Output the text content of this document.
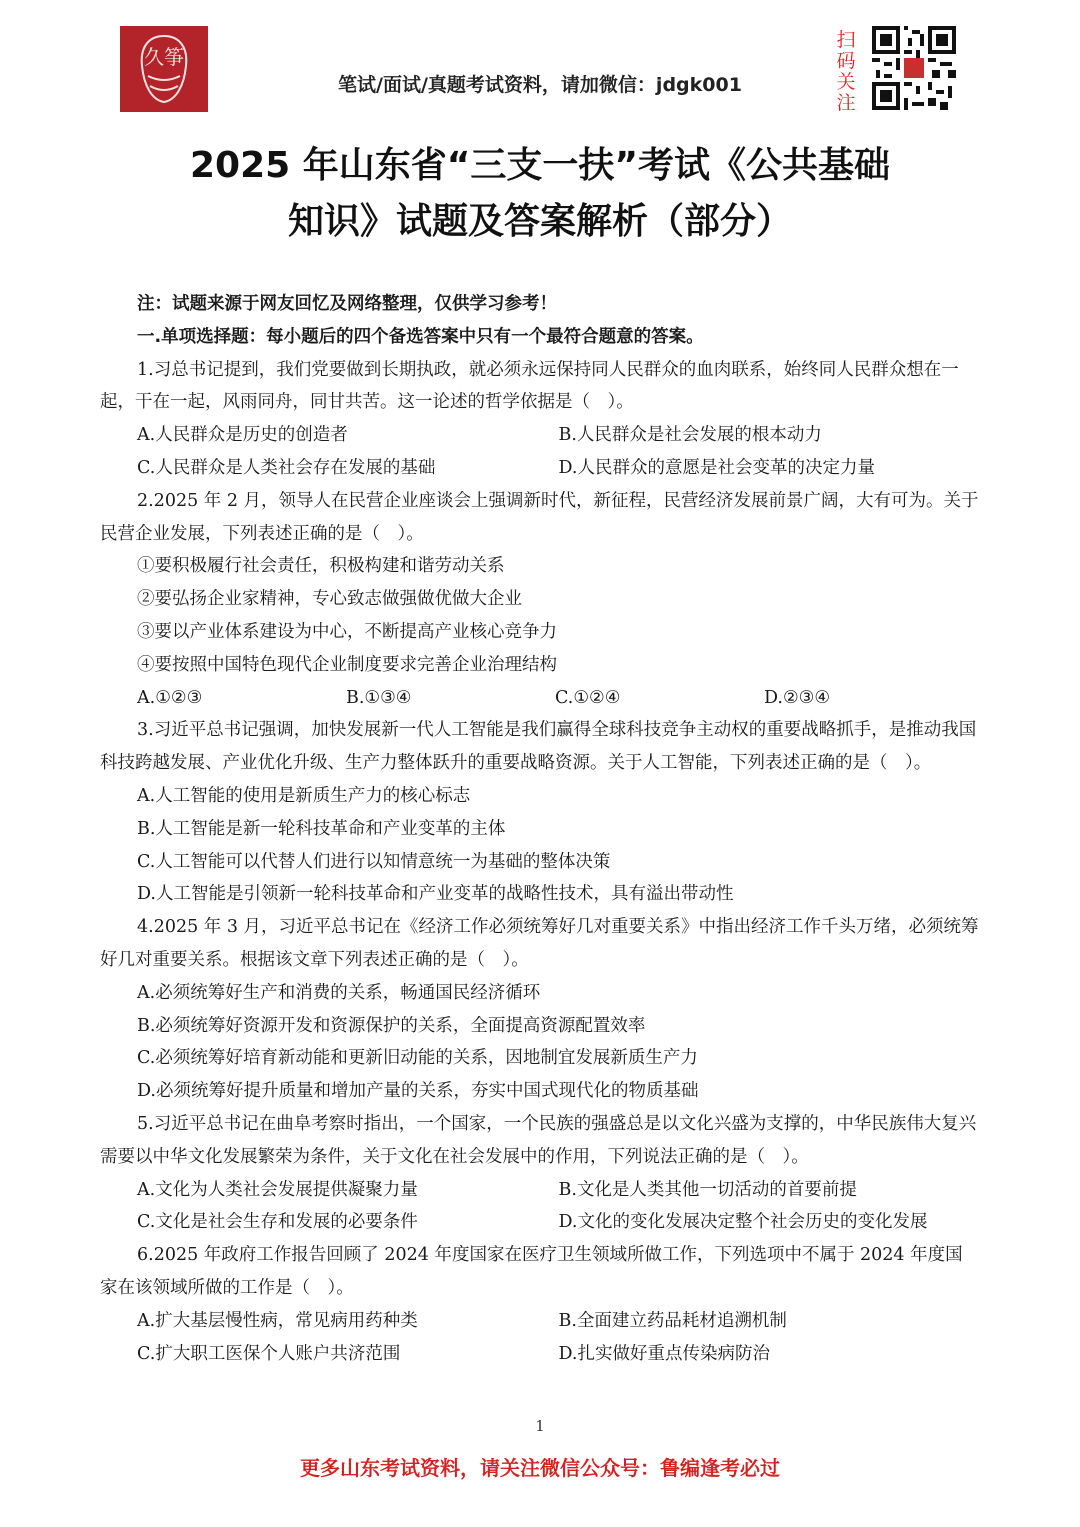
久筝
笔试/面试/真题考试资料，请加微信：jdgk001
扫码关注
2025 年山东省“三支一扶”考试《公共基础
知识》试题及答案解析（部分）
注：试题来源于网友回忆及网络整理，仅供学习参考！
一.单项选择题：每小题后的四个备选答案中只有一个最符合题意的答案。
1.习总书记提到，我们党要做到长期执政，就必须永远保持同人民群众的血肉联系，始终同人民群众想在一起，干在一起，风雨同舟，同甘共苦。这一论述的哲学依据是（　）。
A.人民群众是历史的创造者	B.人民群众是社会发展的根本动力
C.人民群众是人类社会存在发展的基础	D.人民群众的意愿是社会变革的决定力量
2.2025 年 2 月，领导人在民营企业座谈会上强调新时代，新征程，民营经济发展前景广阔，大有可为。关于民营企业发展，下列表述正确的是（　）。
①要积极履行社会责任，积极构建和谐劳动关系
②要弘扬企业家精神，专心致志做强做优做大企业
③要以产业体系建设为中心，不断提高产业核心竞争力
④要按照中国特色现代企业制度要求完善企业治理结构
A.①②③	B.①③④	C.①②④	D.②③④
3.习近平总书记强调，加快发展新一代人工智能是我们赢得全球科技竞争主动权的重要战略抓手，是推动我国科技跨越发展、产业优化升级、生产力整体跃升的重要战略资源。关于人工智能，下列表述正确的是（　）。
A.人工智能的使用是新质生产力的核心标志
B.人工智能是新一轮科技革命和产业变革的主体
C.人工智能可以代替人们进行以知情意统一为基础的整体决策
D.人工智能是引领新一轮科技革命和产业变革的战略性技术，具有溢出带动性
4.2025 年 3 月，习近平总书记在《经济工作必须统筹好几对重要关系》中指出经济工作千头万绪，必须统筹好几对重要关系。根据该文章下列表述正确的是（　）。
A.必须统筹好生产和消费的关系，畅通国民经济循环
B.必须统筹好资源开发和资源保护的关系，全面提高资源配置效率
C.必须统筹好培育新动能和更新旧动能的关系，因地制宜发展新质生产力
D.必须统筹好提升质量和增加产量的关系，夯实中国式现代化的物质基础
5.习近平总书记在曲阜考察时指出，一个国家，一个民族的强盛总是以文化兴盛为支撑的，中华民族伟大复兴需要以中华文化发展繁荣为条件，关于文化在社会发展中的作用，下列说法正确的是（　）。
A.文化为人类社会发展提供凝聚力量	B.文化是人类其他一切活动的首要前提
C.文化是社会生存和发展的必要条件	D.文化的变化发展决定整个社会历史的变化发展
6.2025 年政府工作报告回顾了 2024 年度国家在医疗卫生领域所做工作，下列选项中不属于 2024 年度国家在该领域所做的工作是（　）。
A.扩大基层慢性病，常见病用药种类	B.全面建立药品耗材追溯机制
C.扩大职工医保个人账户共济范围	D.扎实做好重点传染病防治
1
更多山东考试资料，请关注微信公众号：鲁编逢考必过
